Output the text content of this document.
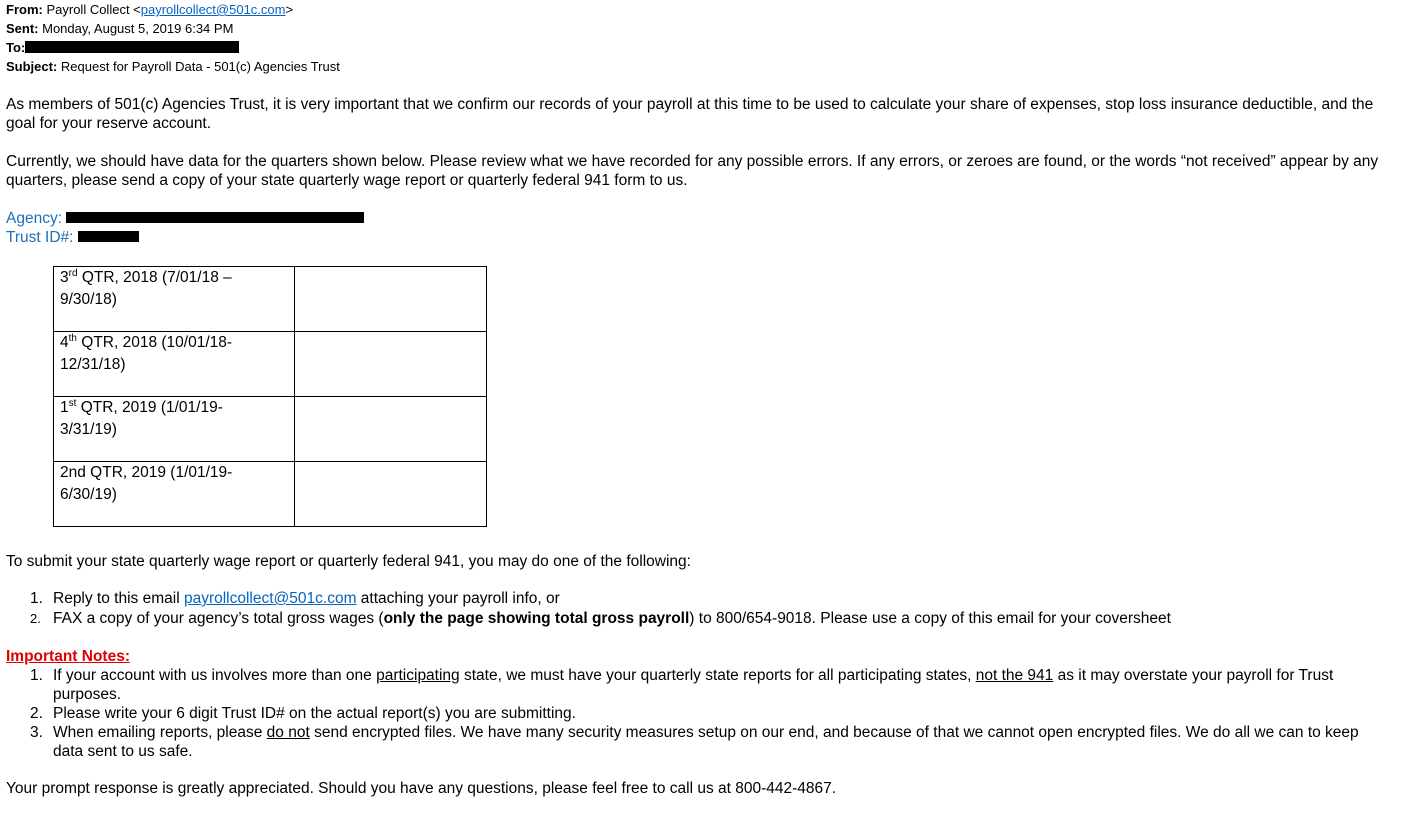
From: Payroll Collect <payrollcollect@501c.com>
Sent: Monday, August 5, 2019 6:34 PM
To:
Subject: Request for Payroll Data - 501(c) Agencies Trust
As members of 501(c) Agencies Trust, it is very important that we confirm our records of your payroll at this time to be used to calculate your share of expenses, stop loss insurance deductible, and the goal for your reserve account.
Currently, we should have data for the quarters shown below. Please review what we have recorded for any possible errors. If any errors, or zeroes are found, or the words “not received” appear by any quarters, please send a copy of your state quarterly wage report or quarterly federal 941 form to us.
Agency:
Trust ID#:
3rd QTR, 2018 (7/01/18 –
9/30/18)	
4th QTR, 2018 (10/01/18-
12/31/18)	
1st QTR, 2019 (1/01/19-
3/31/19)	
2nd QTR, 2019 (1/01/19-
6/30/19)	
To submit your state quarterly wage report or quarterly federal 941, you may do one of the following:
1. Reply to this email payrollcollect@501c.com attaching your payroll info, or
2. FAX a copy of your agency’s total gross wages (only the page showing total gross payroll) to 800/654-9018. Please use a copy of this email for your coversheet
Important Notes:
1. If your account with us involves more than one participating state, we must have your quarterly state reports for all participating states, not the 941 as it may overstate your payroll for Trust purposes.
2. Please write your 6 digit Trust ID# on the actual report(s) you are submitting.
3. When emailing reports, please do not send encrypted files. We have many security measures setup on our end, and because of that we cannot open encrypted files. We do all we can to keep data sent to us safe.
Your prompt response is greatly appreciated. Should you have any questions, please feel free to call us at 800-442-4867.
